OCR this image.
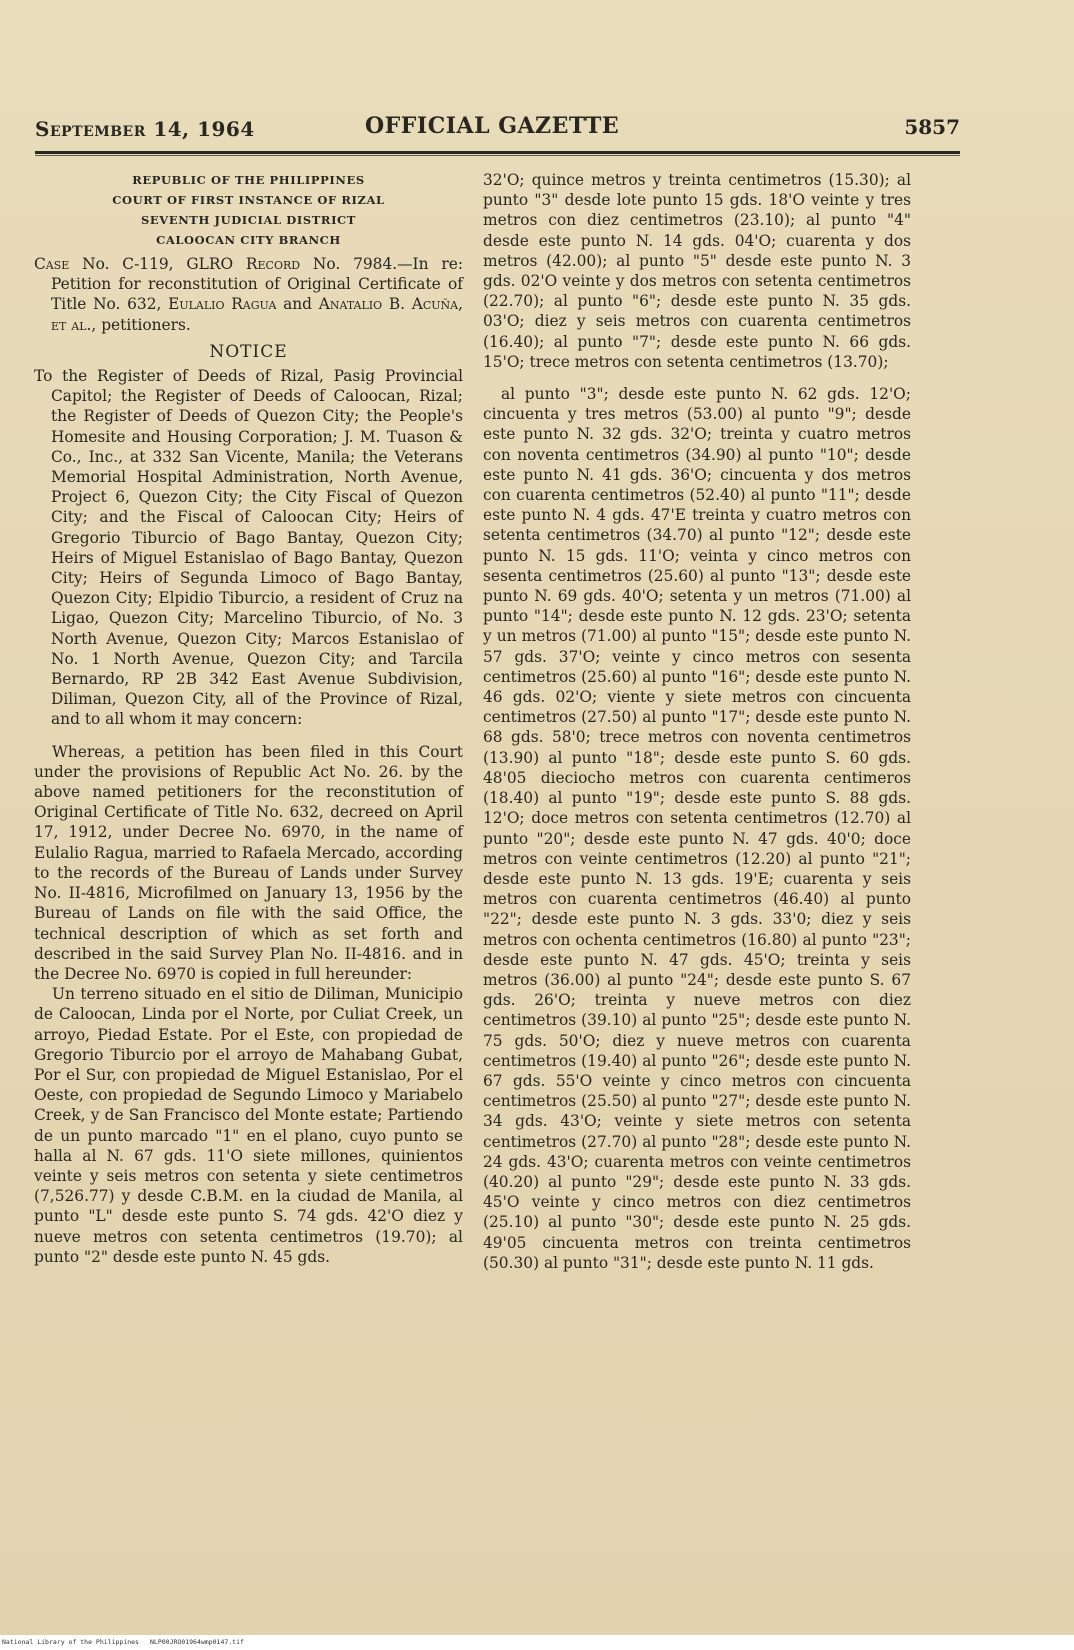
September 14, 1964	OFFICIAL GAZETTE	5857
REPUBLIC OF THE PHILIPPINES
COURT OF FIRST INSTANCE OF RIZAL
SEVENTH JUDICIAL DISTRICT
CALOOCAN CITY BRANCH

Case No. C-119, GLRO Record No. 7984.—In re: Petition for reconstitution of Original Certificate of Title No. 632, Eulalio Ragua and Anatalio B. Acuña, et al., petitioners.

NOTICE

To the Register of Deeds of Rizal, Pasig Provincial Capitol; the Register of Deeds of Caloocan, Rizal; the Register of Deeds of Quezon City; the People's Homesite and Housing Corporation; J. M. Tuason & Co., Inc., at 332 San Vicente, Manila; the Veterans Memorial Hospital Administration, North Avenue, Project 6, Quezon City; the City Fiscal of Quezon City; and the Fiscal of Caloocan City; Heirs of Gregorio Tiburcio of Bago Bantay, Quezon City; Heirs of Miguel Estanislao of Bago Bantay, Quezon City; Heirs of Segunda Limoco of Bago Bantay, Quezon City; Elpidio Tiburcio, a resident of Cruz na Ligao, Quezon City; Marcelino Tiburcio, of No. 3 North Avenue, Quezon City; Marcos Estanislao of No. 1 North Avenue, Quezon City; and Tarcila Bernardo, RP 2B 342 East Avenue Subdivision, Diliman, Quezon City, all of the Province of Rizal, and to all whom it may concern:

Whereas, a petition has been filed in this Court under the provisions of Republic Act No. 26. by the above named petitioners for the reconstitution of Original Certificate of Title No. 632, decreed on April 17, 1912, under Decree No. 6970, in the name of Eulalio Ragua, married to Rafaela Mercado, according to the records of the Bureau of Lands under Survey No. II-4816, Microfilmed on January 13, 1956 by the Bureau of Lands on file with the said Office, the technical description of which as set forth and described in the said Survey Plan No. II-4816. and in the Decree No. 6970 is copied in full hereunder:

Un terreno situado en el sitio de Diliman, Municipio de Caloocan, Linda por el Norte, por Culiat Creek, un arroyo, Piedad Estate. Por el Este, con propiedad de Gregorio Tiburcio por el arroyo de Mahabang Gubat, Por el Sur, con propiedad de Miguel Estanislao, Por el Oeste, con propiedad de Segundo Limoco y Mariabelo Creek, y de San Francisco del Monte estate; Partiendo de un punto marcado "1" en el plano, cuyo punto se halla al N. 67 gds. 11'O siete millones, quinientos veinte y seis metros con setenta y siete centimetros (7,526.77) y desde C.B.M. en la ciudad de Manila, al punto "L" desde este punto S. 74 gds. 42'O diez y nueve metros con setenta centimetros (19.70); al punto "2" desde este punto N. 45 gds.

32'O; quince metros y treinta centimetros (15.30); al punto "3" desde lote punto 15 gds. 18'O veinte y tres metros con diez centimetros (23.10); al punto "4" desde este punto N. 14 gds. 04'O; cuarenta y dos metros (42.00); al punto "5" desde este punto N. 3 gds. 02'O veinte y dos metros con setenta centimetros (22.70); al punto "6"; desde este punto N. 35 gds. 03'O; diez y seis metros con cuarenta centimetros (16.40); al punto "7"; desde este punto N. 66 gds. 15'O; trece metros con setenta centimetros (13.70);

al punto "3"; desde este punto N. 62 gds. 12'O; cincuenta y tres metros (53.00) al punto "9"; desde este punto N. 32 gds. 32'O; treinta y cuatro metros con noventa centimetros (34.90) al punto "10"; desde este punto N. 41 gds. 36'O; cincuenta y dos metros con cuarenta centimetros (52.40) al punto "11"; desde este punto N. 4 gds. 47'E treinta y cuatro metros con setenta centimetros (34.70) al punto "12"; desde este punto N. 15 gds. 11'O; veinta y cinco metros con sesenta centimetros (25.60) al punto "13"; desde este punto N. 69 gds. 40'O; setenta y un metros (71.00) al punto "14"; desde este punto N. 12 gds. 23'O; setenta y un metros (71.00) al punto "15"; desde este punto N. 57 gds. 37'O; veinte y cinco metros con sesenta centimetros (25.60) al punto "16"; desde este punto N. 46 gds. 02'O; viente y siete metros con cincuenta centimetros (27.50) al punto "17"; desde este punto N. 68 gds. 58'0; trece metros con noventa centimetros (13.90) al punto "18"; desde este punto S. 60 gds. 48'05 dieciocho metros con cuarenta centimeros (18.40) al punto "19"; desde este punto S. 88 gds. 12'O; doce metros con setenta centimetros (12.70) al punto "20"; desde este punto N. 47 gds. 40'0; doce metros con veinte centimetros (12.20) al punto "21"; desde este punto N. 13 gds. 19'E; cuarenta y seis metros con cuarenta centimetros (46.40) al punto "22"; desde este punto N. 3 gds. 33'0; diez y seis metros con ochenta centimetros (16.80) al punto "23"; desde este punto N. 47 gds. 45'O; treinta y seis metros (36.00) al punto "24"; desde este punto S. 67 gds. 26'O; treinta y nueve metros con diez centimetros (39.10) al punto "25"; desde este punto N. 75 gds. 50'O; diez y nueve metros con cuarenta centimetros (19.40) al punto "26"; desde este punto N. 67 gds. 55'O veinte y cinco metros con cincuenta centimetros (25.50) al punto "27"; desde este punto N. 34 gds. 43'O; veinte y siete metros con setenta centimetros (27.70) al punto "28"; desde este punto N. 24 gds. 43'O; cuarenta metros con veinte centimetros (40.20) al punto "29"; desde este punto N. 33 gds. 45'O veinte y cinco metros con diez centimetros (25.10) al punto "30"; desde este punto N. 25 gds. 49'05 cincuenta metros con treinta centimetros (50.30) al punto "31"; desde este punto N. 11 gds.

National Library of the Philippines NLP00JRO01964wmp0147.tif
